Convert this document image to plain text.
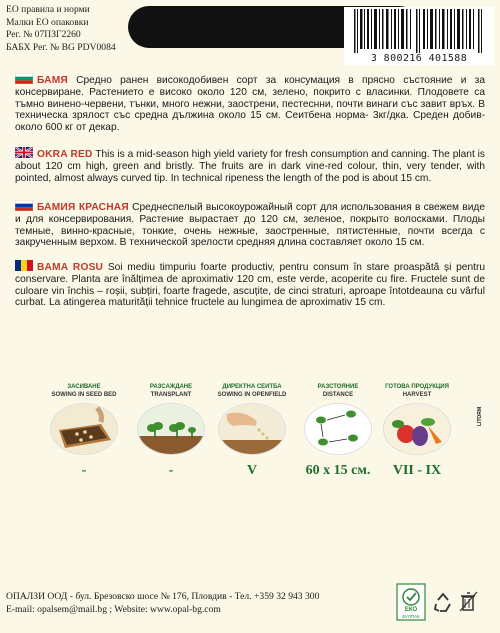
ЕО правила и норми
Малки ЕО опаковки
Рег. № 07ПЗГ2260
БАБХ Рег. № BG PDV0084
3 800216 401588
БАМЯ Средно ранен високодобивен сорт за консумация в прясно състояние и за консервиране. Растението е високо около 120 см, зелено, покрито с власинки. Плодовете са тъмно винено-червени, тънки, много нежни, заострени, пестеснни, почти винаги със завит връх. В техническа зрялост със средна дължина около 15 см. Сеитбена норма- 3кг/дка. Среден добив- около 600 кг от декар.
OKRA RED This is a mid-season high yield variety for fresh consumption and canning. The plant is about 120 cm high, green and bristly. The fruits are in dark vine-red colour, thin, very tender, with pointed, almost always curved tip. In technical ripeness the length of the pod is about 15 cm.
БАМИЯ КРАСНАЯ Среднеспелый высокоурожайный сорт для использования в свежем виде и для консервирования. Растение вырастает до 120 см, зеленое, покрыто волосками. Плоды темные, винно-красные, тонкие, очень нежные, заостренные, пятистенные, почти всегда с закрученным верхом. В технической зрелости средняя длина составляет около 15 см.
BAMA ROSU Soi mediu timpuriu foarte productiv, pentru consum în stare proaspătă și pentru conservare. Planta are înălțimea de aproximativ 120 cm, este verde, acoperite cu fire. Fructele sunt de culoare vin închis – roșii, subțiri, foarte fragede, ascuțite, de cinci straturi, aproape întotdeauna cu vârful curbat. La atingerea maturității tehnice fructele au lungimea de aproximativ 15 cm.
ЗАСИВАНЕ
SOWING IN SEED BED
-
РАЗСАЖДАНЕ
TRANSPLANT
-
ДИРЕКТНА СЕИТБА
SOWING IN OPENFIELD
V
РАЗСТОЯНИЕ
DISTANCE
60 x 15 см.
ГОТОВА ПРОДУКЦИЯ
HARVEST
VII - IX
LITORM
ОПАЛЗИ ООД - бул. Брезовско шосе № 176, Пловдив - Тел. +359 32 943 300
E-mail: opalsem@mail.bg ; Website: www.opal-bg.com	ЕКО
БУЛПАК
